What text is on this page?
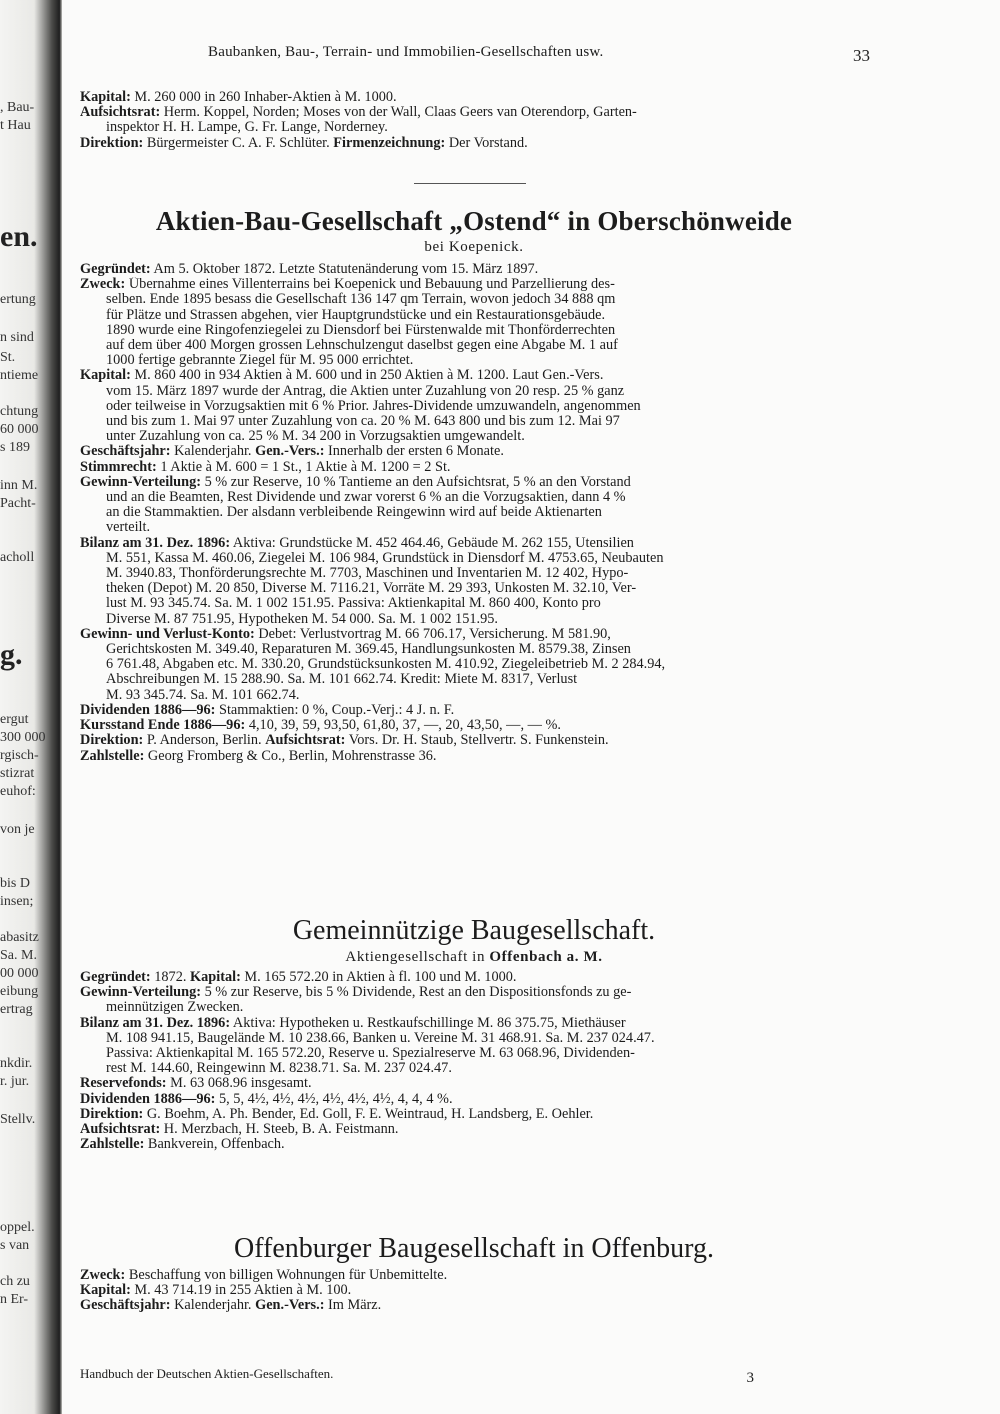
, Bau-
t Hau
en.
ertung
n sind
St.
ntieme
chtung
60 000
s 189
inn M.
Pacht-
acholl
g.
ergut
300 000
rgisch-
stizrat
euhof:
von je
bis D
insen;
abasitz
Sa. M.
00 000
eibung
ertrag
nkdir.
r. jur.
Stellv.
oppel.
s van
ch zu
n Er-
Baubanken, Bau-, Terrain- und Immobilien-Gesellschaften usw.	33
Kapital: M. 260 000 in 260 Inhaber-Aktien à M. 1000.
Aufsichtsrat: Herm. Koppel, Norden; Moses von der Wall, Claas Geers van Oterendorp, Garten-
inspektor H. H. Lampe, G. Fr. Lange, Norderney.
Direktion: Bürgermeister C. A. F. Schlüter. Firmenzeichnung: Der Vorstand.
Aktien-Bau-Gesellschaft „Ostend“ in Oberschönweide
bei Koepenick.
Gegründet: Am 5. Oktober 1872. Letzte Statutenänderung vom 15. März 1897.
Zweck: Übernahme eines Villenterrains bei Koepenick und Bebauung und Parzellierung des-
selben. Ende 1895 besass die Gesellschaft 136 147 qm Terrain, wovon jedoch 34 888 qm
für Plätze und Strassen abgehen, vier Hauptgrundstücke und ein Restaurationsgebäude.
1890 wurde eine Ringofenziegelei zu Diensdorf bei Fürstenwalde mit Thonförderrechten
auf dem über 400 Morgen grossen Lehnschulzengut daselbst gegen eine Abgabe M. 1 auf
1000 fertige gebrannte Ziegel für M. 95 000 errichtet.
Kapital: M. 860 400 in 934 Aktien à M. 600 und in 250 Aktien à M. 1200. Laut Gen.-Vers.
vom 15. März 1897 wurde der Antrag, die Aktien unter Zuzahlung von 20 resp. 25 % ganz
oder teilweise in Vorzugsaktien mit 6 % Prior. Jahres-Dividende umzuwandeln, angenommen
und bis zum 1. Mai 97 unter Zuzahlung von ca. 20 % M. 643 800 und bis zum 12. Mai 97
unter Zuzahlung von ca. 25 % M. 34 200 in Vorzugsaktien umgewandelt.
Geschäftsjahr: Kalenderjahr. Gen.-Vers.: Innerhalb der ersten 6 Monate.
Stimmrecht: 1 Aktie à M. 600 = 1 St., 1 Aktie à M. 1200 = 2 St.
Gewinn-Verteilung: 5 % zur Reserve, 10 % Tantieme an den Aufsichtsrat, 5 % an den Vorstand
und an die Beamten, Rest Dividende und zwar vorerst 6 % an die Vorzugsaktien, dann 4 %
an die Stammaktien. Der alsdann verbleibende Reingewinn wird auf beide Aktienarten
verteilt.
Bilanz am 31. Dez. 1896: Aktiva: Grundstücke M. 452 464.46, Gebäude M. 262 155, Utensilien
M. 551, Kassa M. 460.06, Ziegelei M. 106 984, Grundstück in Diensdorf M. 4753.65, Neubauten
M. 3940.83, Thonförderungsrechte M. 7703, Maschinen und Inventarien M. 12 402, Hypo-
theken (Depot) M. 20 850, Diverse M. 7116.21, Vorräte M. 29 393, Unkosten M. 32.10, Ver-
lust M. 93 345.74. Sa. M. 1 002 151.95. Passiva: Aktienkapital M. 860 400, Konto pro
Diverse M. 87 751.95, Hypotheken M. 54 000. Sa. M. 1 002 151.95.
Gewinn- und Verlust-Konto: Debet: Verlustvortrag M. 66 706.17, Versicherung. M 581.90,
Gerichtskosten M. 349.40, Reparaturen M. 369.45, Handlungsunkosten M. 8579.38, Zinsen
6 761.48, Abgaben etc. M. 330.20, Grundstücksunkosten M. 410.92, Ziegeleibetrieb M. 2 284.94,
Abschreibungen M. 15 288.90. Sa. M. 101 662.74. Kredit: Miete M. 8317, Verlust
M. 93 345.74. Sa. M. 101 662.74.
Dividenden 1886—96: Stammaktien: 0 %, Coup.-Verj.: 4 J. n. F.
Kursstand Ende 1886—96: 4,10, 39, 59, 93,50, 61,80, 37, —, 20, 43,50, —, — %.
Direktion: P. Anderson, Berlin. Aufsichtsrat: Vors. Dr. H. Staub, Stellvertr. S. Funkenstein.
Zahlstelle: Georg Fromberg & Co., Berlin, Mohrenstrasse 36.
Gemeinnützige Baugesellschaft.
Aktiengesellschaft in Offenbach a. M.
Gegründet: 1872. Kapital: M. 165 572.20 in Aktien à fl. 100 und M. 1000.
Gewinn-Verteilung: 5 % zur Reserve, bis 5 % Dividende, Rest an den Dispositionsfonds zu ge-
meinnützigen Zwecken.
Bilanz am 31. Dez. 1896: Aktiva: Hypotheken u. Restkaufschillinge M. 86 375.75, Miethäuser
M. 108 941.15, Baugelände M. 10 238.66, Banken u. Vereine M. 31 468.91. Sa. M. 237 024.47.
Passiva: Aktienkapital M. 165 572.20, Reserve u. Spezialreserve M. 63 068.96, Dividenden-
rest M. 144.60, Reingewinn M. 8238.71. Sa. M. 237 024.47.
Reservefonds: M. 63 068.96 insgesamt.
Dividenden 1886—96: 5, 5, 4½, 4½, 4½, 4½, 4½, 4½, 4, 4, 4 %.
Direktion: G. Boehm, A. Ph. Bender, Ed. Goll, F. E. Weintraud, H. Landsberg, E. Oehler.
Aufsichtsrat: H. Merzbach, H. Steeb, B. A. Feistmann.
Zahlstelle: Bankverein, Offenbach.
Offenburger Baugesellschaft in Offenburg.
Zweck: Beschaffung von billigen Wohnungen für Unbemittelte.
Kapital: M. 43 714.19 in 255 Aktien à M. 100.
Geschäftsjahr: Kalenderjahr. Gen.-Vers.: Im März.
Handbuch der Deutschen Aktien-Gesellschaften.	3
